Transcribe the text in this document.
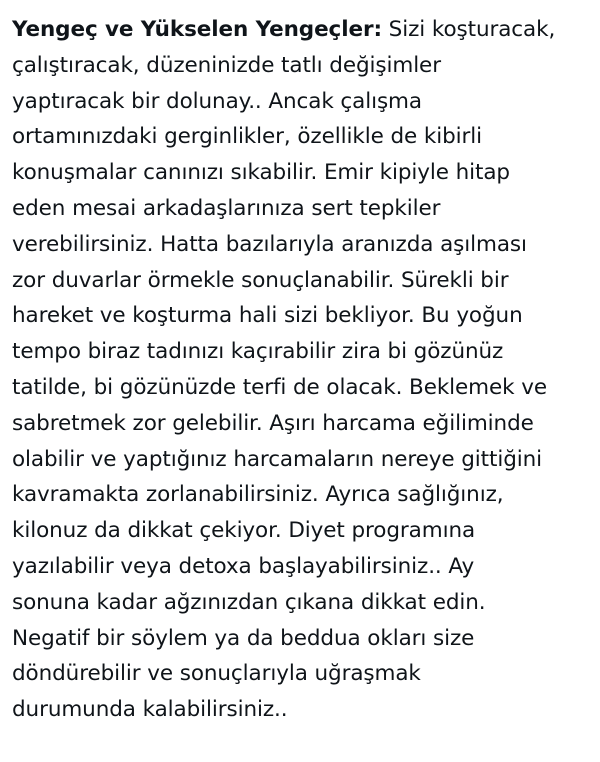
Yengeç ve Yükselen Yengeçler: Sizi koşturacak,
çalıştıracak, düzeninizde tatlı değişimler
yaptıracak bir dolunay.. Ancak çalışma
ortamınızdaki gerginlikler, özellikle de kibirli
konuşmalar canınızı sıkabilir. Emir kipiyle hitap
eden mesai arkadaşlarınıza sert tepkiler
verebilirsiniz. Hatta bazılarıyla aranızda aşılması
zor duvarlar örmekle sonuçlanabilir. Sürekli bir
hareket ve koşturma hali sizi bekliyor. Bu yoğun
tempo biraz tadınızı kaçırabilir zira bi gözünüz
tatilde, bi gözünüzde terfi de olacak. Beklemek ve
sabretmek zor gelebilir. Aşırı harcama eğiliminde
olabilir ve yaptığınız harcamaların nereye gittiğini
kavramakta zorlanabilirsiniz. Ayrıca sağlığınız,
kilonuz da dikkat çekiyor. Diyet programına
yazılabilir veya detoxa başlayabilirsiniz.. Ay
sonuna kadar ağzınızdan çıkana dikkat edin.
Negatif bir söylem ya da beddua okları size
döndürebilir ve sonuçlarıyla uğraşmak
durumunda kalabilirsiniz..
